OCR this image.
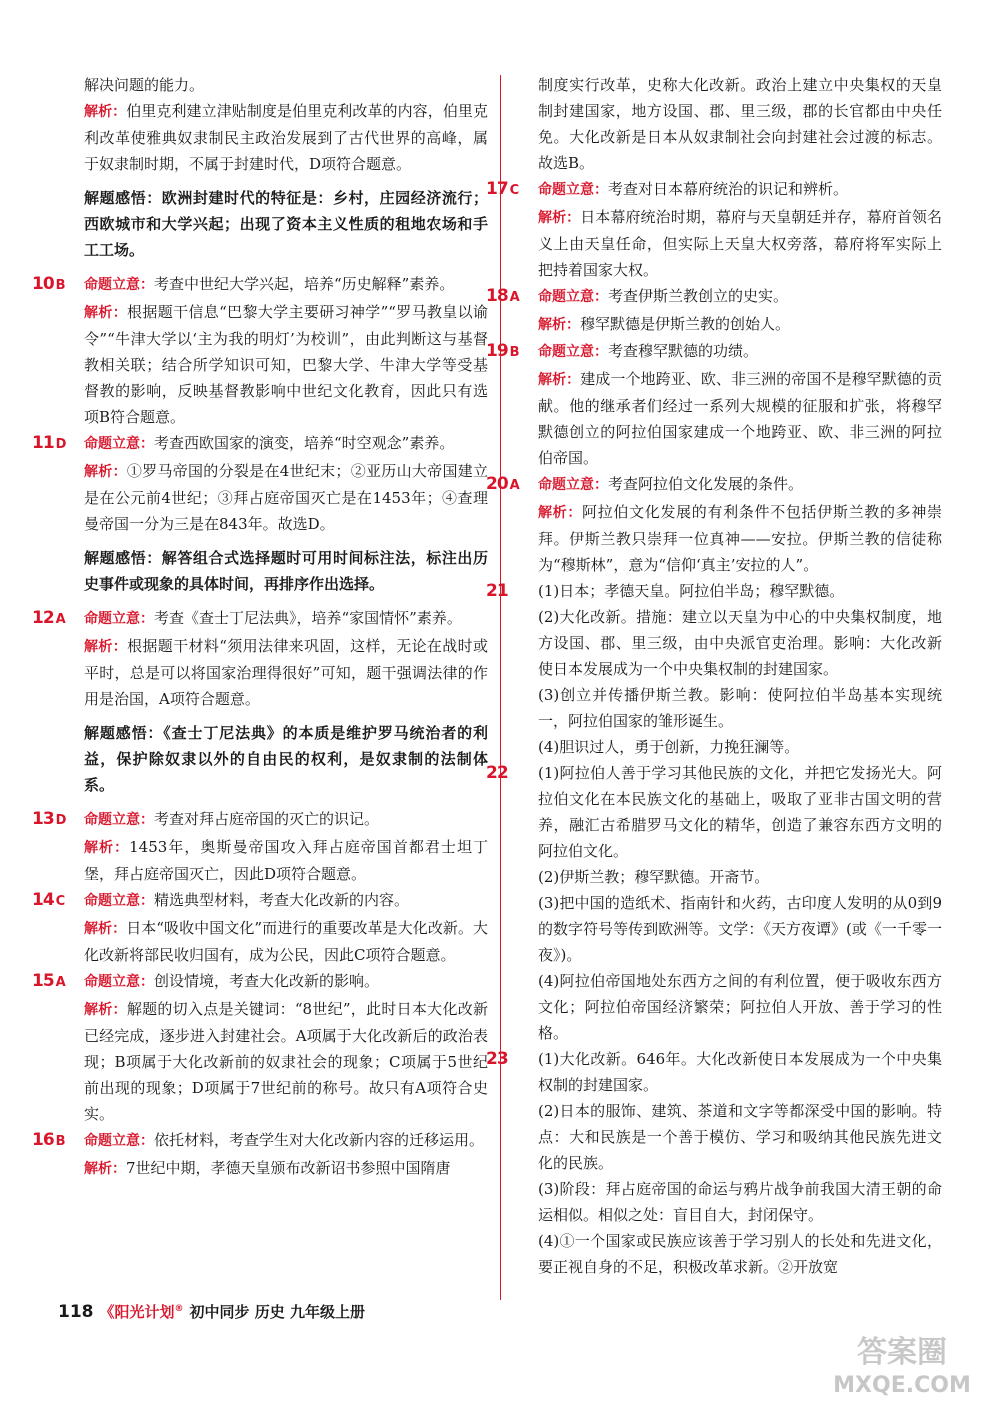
解决问题的能力。

解析：伯里克利建立津贴制度是伯里克利改革的内容，伯里克利改革使雅典奴隶制民主政治发展到了古代世界的高峰，属于奴隶制时期，不属于封建时代，D项符合题意。

解题感悟：欧洲封建时代的特征是：乡村，庄园经济流行；西欧城市和大学兴起；出现了资本主义性质的租地农场和手工工场。

10 B 命题立意：考查中世纪大学兴起，培养“历史解释”素养。

解析：根据题干信息“巴黎大学主要研习神学”“罗马教皇以谕令”“牛津大学以‘主为我的明灯’为校训”，由此判断这与基督教相关联；结合所学知识可知，巴黎大学、牛津大学等受基督教的影响，反映基督教影响中世纪文化教育，因此只有选项B符合题意。

11 D 命题立意：考查西欧国家的演变，培养“时空观念”素养。

解析：①罗马帝国的分裂是在4世纪末；②亚历山大帝国建立是在公元前4世纪；③拜占庭帝国灭亡是在1453年；④查理曼帝国一分为三是在843年。故选D。

解题感悟：解答组合式选择题时可用时间标注法，标注出历史事件或现象的具体时间，再排序作出选择。

12 A 命题立意：考查《查士丁尼法典》，培养“家国情怀”素养。

解析：根据题干材料“须用法律来巩固，这样，无论在战时或平时，总是可以将国家治理得很好”可知，题干强调法律的作用是治国，A项符合题意。

解题感悟：《查士丁尼法典》的本质是维护罗马统治者的利益，保护除奴隶以外的自由民的权利，是奴隶制的法制体系。

13 D 命题立意：考查对拜占庭帝国的灭亡的识记。

解析：1453年，奥斯曼帝国攻入拜占庭帝国首都君士坦丁堡，拜占庭帝国灭亡，因此D项符合题意。

14 C 命题立意：精选典型材料，考查大化改新的内容。

解析：日本“吸收中国文化”而进行的重要改革是大化改新。大化改新将部民收归国有，成为公民，因此C项符合题意。

15 A 命题立意：创设情境，考查大化改新的影响。

解析：解题的切入点是关键词：“8世纪”，此时日本大化改新已经完成，逐步进入封建社会。A项属于大化改新后的政治表现；B项属于大化改新前的奴隶社会的现象；C项属于5世纪前出现的现象；D项属于7世纪前的称号。故只有A项符合史实。

16 B 命题立意：依托材料，考查学生对大化改新内容的迁移运用。

解析：7世纪中期，孝德天皇颁布改新诏书参照中国隋唐

制度实行改革，史称大化改新。政治上建立中央集权的天皇制封建国家，地方设国、郡、里三级，郡的长官都由中央任免。大化改新是日本从奴隶制社会向封建社会过渡的标志。故选B。

17 C 命题立意：考查对日本幕府统治的识记和辨析。

解析：日本幕府统治时期，幕府与天皇朝廷并存，幕府首领名义上由天皇任命，但实际上天皇大权旁落，幕府将军实际上把持着国家大权。

18 A 命题立意：考查伊斯兰教创立的史实。

解析：穆罕默德是伊斯兰教的创始人。

19 B 命题立意：考查穆罕默德的功绩。

解析：建成一个地跨亚、欧、非三洲的帝国不是穆罕默德的贡献。他的继承者们经过一系列大规模的征服和扩张，将穆罕默德创立的阿拉伯国家建成一个地跨亚、欧、非三洲的阿拉伯帝国。

20 A 命题立意：考查阿拉伯文化发展的条件。

解析：阿拉伯文化发展的有利条件不包括伊斯兰教的多神崇拜。伊斯兰教只崇拜一位真神——安拉。伊斯兰教的信徒称为“穆斯林”，意为“信仰‘真主’安拉的人”。

21 (1)日本；孝德天皇。阿拉伯半岛；穆罕默德。

(2)大化改新。措施：建立以天皇为中心的中央集权制度，地方设国、郡、里三级，由中央派官吏治理。影响：大化改新使日本发展成为一个中央集权制的封建国家。

(3)创立并传播伊斯兰教。影响：使阿拉伯半岛基本实现统一，阿拉伯国家的雏形诞生。

(4)胆识过人，勇于创新，力挽狂澜等。

22 (1)阿拉伯人善于学习其他民族的文化，并把它发扬光大。阿拉伯文化在本民族文化的基础上，吸取了亚非古国文明的营养，融汇古希腊罗马文化的精华，创造了兼容东西方文明的阿拉伯文化。

(2)伊斯兰教；穆罕默德。开斋节。

(3)把中国的造纸术、指南针和火药，古印度人发明的从0到9的数字符号等传到欧洲等。文学：《天方夜谭》(或《一千零一夜》)。

(4)阿拉伯帝国地处东西方之间的有利位置，便于吸收东西方文化；阿拉伯帝国经济繁荣；阿拉伯人开放、善于学习的性格。

23 (1)大化改新。646年。大化改新使日本发展成为一个中央集权制的封建国家。

(2)日本的服饰、建筑、茶道和文字等都深受中国的影响。特点：大和民族是一个善于模仿、学习和吸纳其他民族先进文化的民族。

(3)阶段：拜占庭帝国的命运与鸦片战争前我国大清王朝的命运相似。相似之处：盲目自大，封闭保守。

(4)①一个国家或民族应该善于学习别人的长处和先进文化，要正视自身的不足，积极改革求新。②开放宽

118 《阳光计划® 初中同步 历史 九年级上册
答案圈
MXQE.COM
